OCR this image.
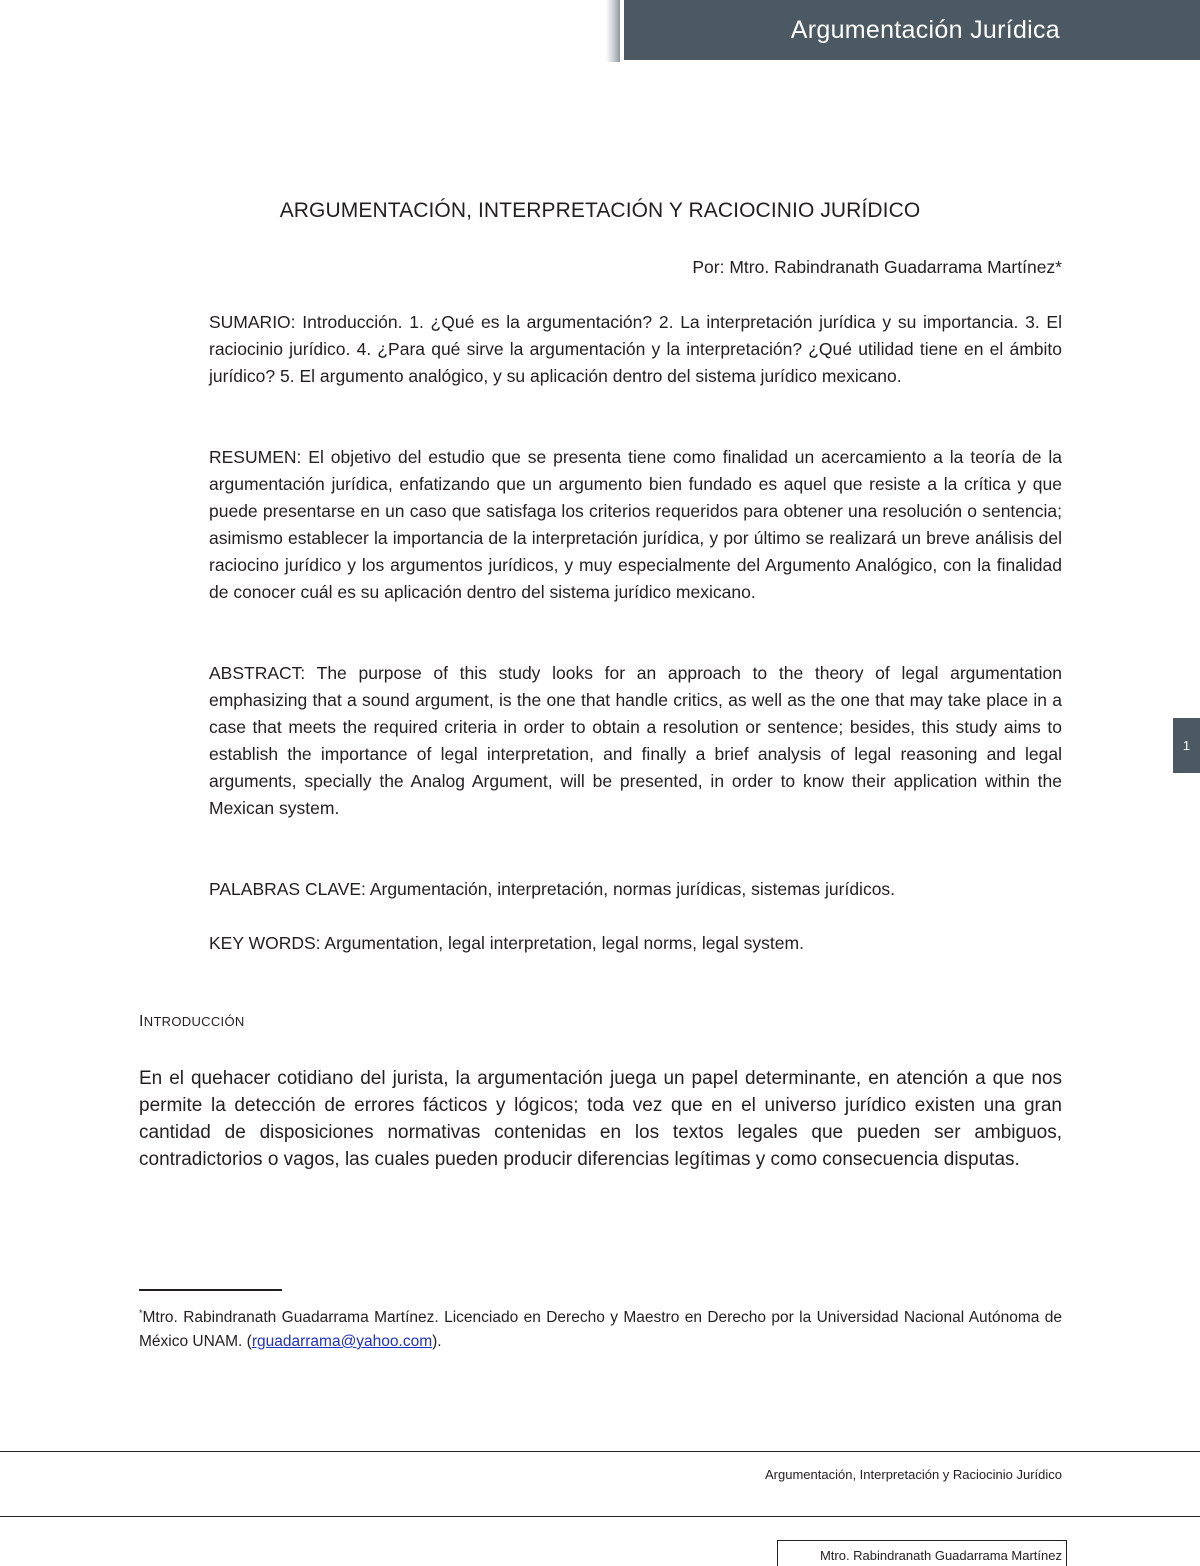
Argumentación Jurídica
1
ARGUMENTACIÓN, INTERPRETACIÓN Y RACIOCINIO JURÍDICO
Por: Mtro. Rabindranath Guadarrama Martínez*

SUMARIO: Introducción. 1. ¿Qué es la argumentación? 2. La interpretación jurídica y su importancia. 3. El raciocinio jurídico. 4. ¿Para qué sirve la argumentación y la interpretación? ¿Qué utilidad tiene en el ámbito jurídico? 5. El argumento analógico, y su aplicación dentro del sistema jurídico mexicano.

RESUMEN: El objetivo del estudio que se presenta tiene como finalidad un acercamiento a la teoría de la argumentación jurídica, enfatizando que un argumento bien fundado es aquel que resiste a la crítica y que puede presentarse en un caso que satisfaga los criterios requeridos para obtener una resolución o sentencia; asimismo establecer la importancia de la interpretación jurídica, y por último se realizará un breve análisis del raciocino jurídico y los argumentos jurídicos, y muy especialmente del Argumento Analógico, con la finalidad de conocer cuál es su aplicación dentro del sistema jurídico mexicano.

ABSTRACT: The purpose of this study looks for an approach to the theory of legal argumentation emphasizing that a sound argument, is the one that handle critics, as well as the one that may take place in a case that meets the required criteria in order to obtain a resolution or sentence; besides, this study aims to establish the importance of legal interpretation, and finally a brief analysis of legal reasoning and legal arguments, specially the Analog Argument, will be presented, in order to know their application within the Mexican system.

PALABRAS CLAVE: Argumentación, interpretación, normas jurídicas, sistemas jurídicos.

KEY WORDS: Argumentation, legal interpretation, legal norms, legal system.

INTRODUCCIÓN

En el quehacer cotidiano del jurista, la argumentación juega un papel determinante, en atención a que nos permite la detección de errores fácticos y lógicos; toda vez que en el universo jurídico existen una gran cantidad de disposiciones normativas contenidas en los textos legales que pueden ser ambiguos, contradictorios o vagos, las cuales pueden producir diferencias legítimas y como consecuencia disputas.

*Mtro. Rabindranath Guadarrama Martínez. Licenciado en Derecho y Maestro en Derecho por la Universidad Nacional Autónoma de México UNAM. (rguadarrama@yahoo.com).

Argumentación, Interpretación y Raciocinio Jurídico
Mtro. Rabindranath Guadarrama Martínez
